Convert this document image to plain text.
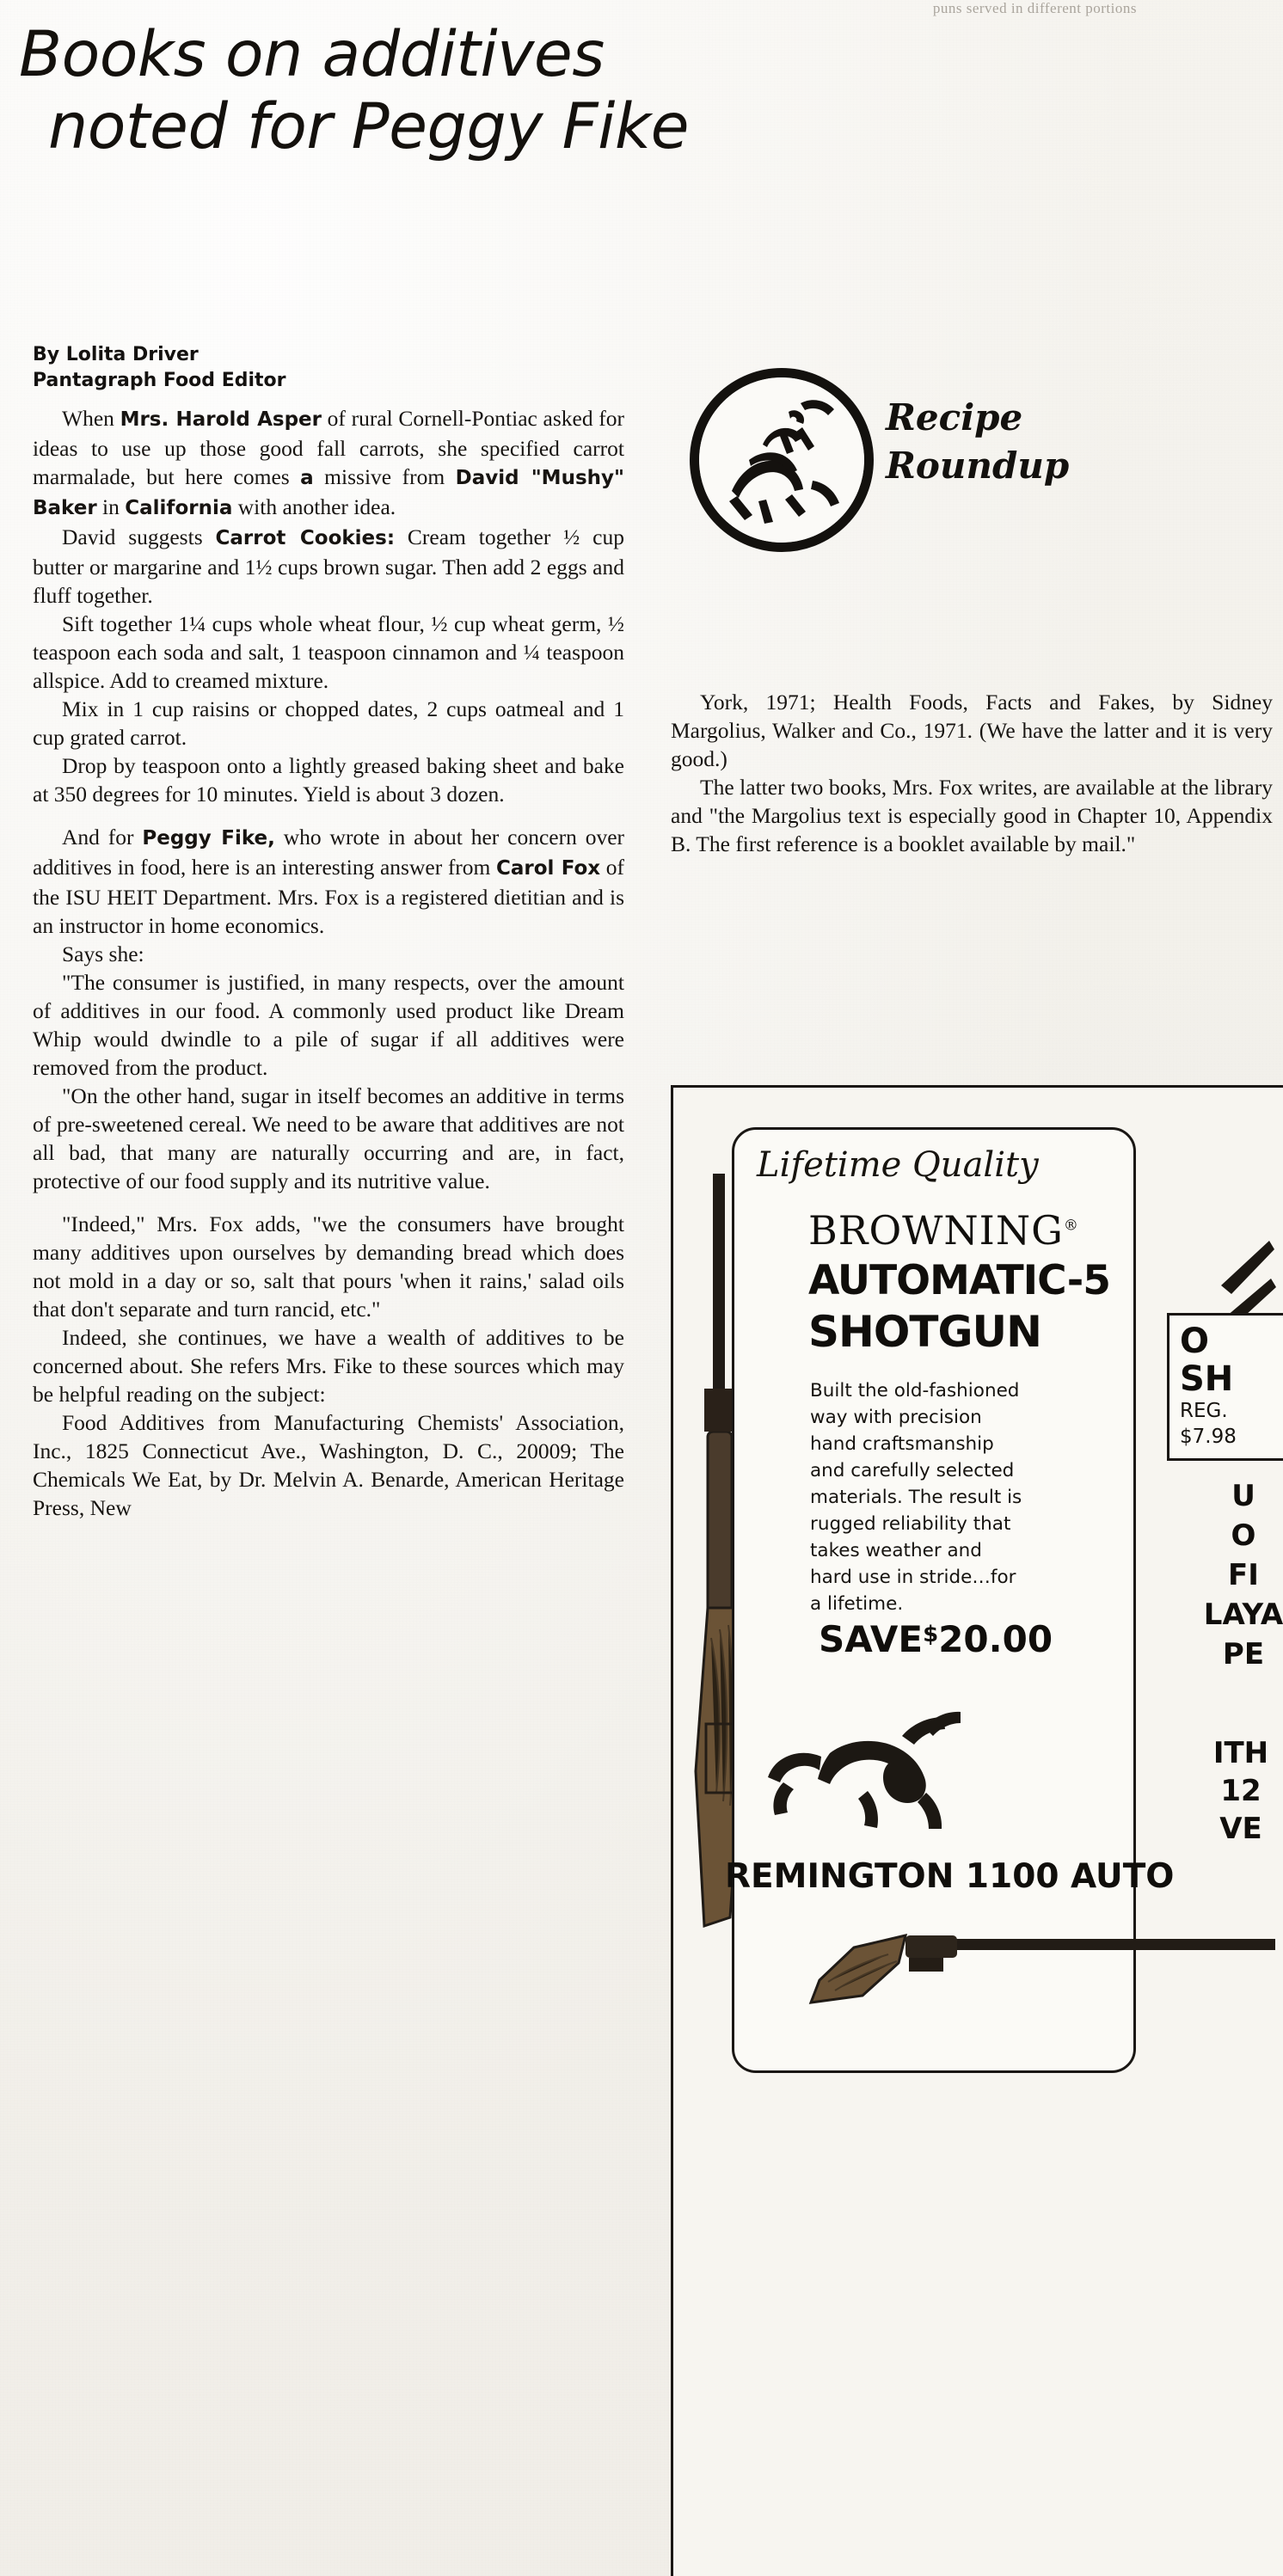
puns served in different portions
Books on additives
noted for Peggy Fike
By Lolita Driver
Pantagraph Food Editor
Recipe
Roundup

When Mrs. Harold Asper of rural Cornell-Pontiac asked for ideas to use up those good fall carrots, she specified carrot marmalade, but here comes a missive from David "Mushy" Baker in California with another idea.

David suggests Carrot Cookies: Cream together ½ cup butter or margarine and 1½ cups brown sugar. Then add 2 eggs and fluff together.

Sift together 1¼ cups whole wheat flour, ½ cup wheat germ, ½ teaspoon each soda and salt, 1 teaspoon cinnamon and ¼ teaspoon allspice. Add to creamed mixture.

Mix in 1 cup raisins or chopped dates, 2 cups oatmeal and 1 cup grated carrot.

Drop by teaspoon onto a lightly greased baking sheet and bake at 350 degrees for 10 minutes. Yield is about 3 dozen.

And for Peggy Fike, who wrote in about her concern over additives in food, here is an interesting answer from Carol Fox of the ISU HEIT Department. Mrs. Fox is a registered dietitian and is an instructor in home economics.

Says she:

"The consumer is justified, in many respects, over the amount of additives in our food. A commonly used product like Dream Whip would dwindle to a pile of sugar if all additives were removed from the product.

"On the other hand, sugar in itself becomes an additive in terms of pre-sweetened cereal. We need to be aware that additives are not all bad, that many are naturally occurring and are, in fact, protective of our food supply and its nutritive value.

"Indeed," Mrs. Fox adds, "we the consumers have brought many additives upon ourselves by demanding bread which does not mold in a day or so, salt that pours 'when it rains,' salad oils that don't separate and turn rancid, etc."

Indeed, she continues, we have a wealth of additives to be concerned about. She refers Mrs. Fike to these sources which may be helpful reading on the subject:

Food Additives from Manufacturing Chemists' Association, Inc., 1825 Connecticut Ave., Washington, D. C., 20009; The Chemicals We Eat, by Dr. Melvin A. Benarde, American Heritage Press, New

York, 1971; Health Foods, Facts and Fakes, by Sidney Margolius, Walker and Co., 1971. (We have the latter and it is very good.)

The latter two books, Mrs. Fox writes, are available at the library and "the Margolius text is especially good in Chapter 10, Appendix B. The first reference is a booklet available by mail."

Lifetime Quality
BROWNING®
AUTOMATIC-5
SHOTGUN
Built the old-fashioned way with precision hand craftsmanship and carefully selected materials. The result is rugged reliability that takes weather and hard use in stride…for a lifetime.
SAVE$20.00
O
SH
REG.
$7.98
U
O
FI
LAYA
PE
ITH
12
VE
REMINGTON 1100 AUTO
